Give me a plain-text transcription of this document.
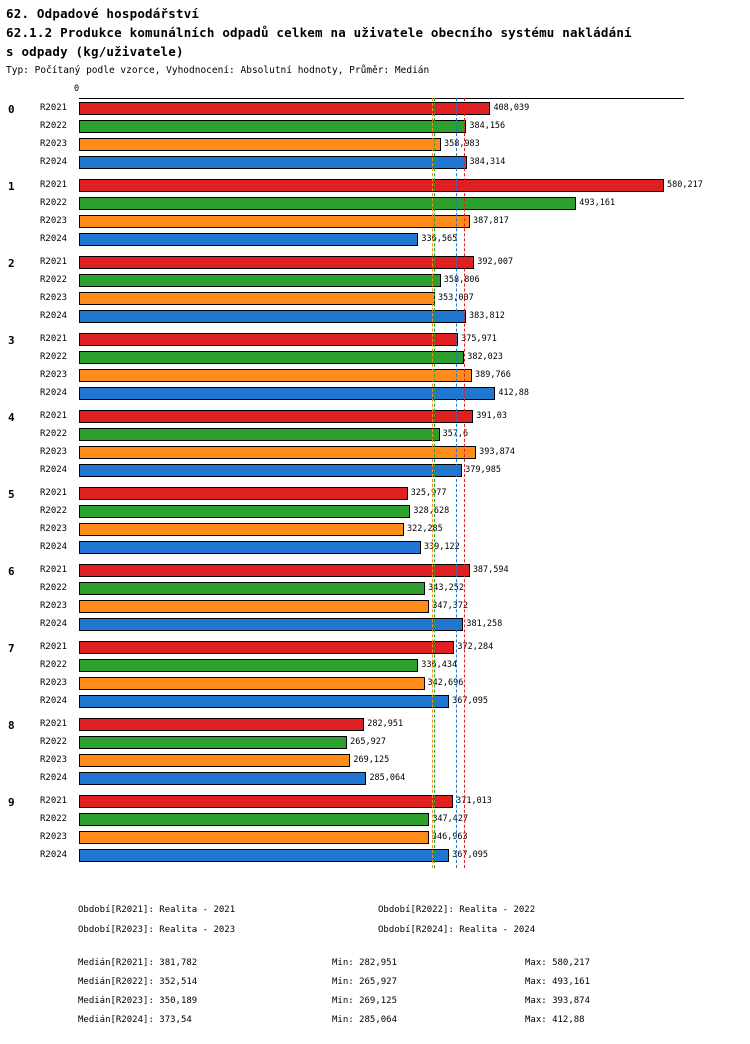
62. Odpadové hospodářství
62.1.2 Produkce komunálních odpadů celkem na uživatele obecního systému nakládání
s odpady (kg/uživatele)
Typ: Počítaný podle vzorce, Vyhodnocení: Absolutní hodnoty, Průměr: Medián
0
0	R2021	408,039
R2022	384,156
R2023	358,983
R2024	384,314
1	R2021	580,217
R2022	493,161
R2023	387,817
R2024	336,565
2	R2021	392,007
R2022	358,806
R2023	353,007
R2024	383,812
3	R2021	375,971
R2022	382,023
R2023	389,766
R2024	412,88
4	R2021	391,03
R2022	357,6
R2023	393,874
R2024	379,985
5	R2021	325,977
R2022	328,628
R2023	322,285
R2024	339,122
6	R2021	387,594
R2022	343,252
R2023	347,372
R2024	381,258
7	R2021	372,284
R2022	336,434
R2023	342,696
R2024	367,095
8	R2021	282,951
R2022	265,927
R2023	269,125
R2024	285,064
9	R2021	371,013
R2022	347,427
R2023	346,963
R2024	367,095
Období[R2021]: Realita - 2021	Období[R2022]: Realita - 2022
Období[R2023]: Realita - 2023	Období[R2024]: Realita - 2024
Medián[R2021]: 381,782	Min: 282,951	Max: 580,217
Medián[R2022]: 352,514	Min: 265,927	Max: 493,161
Medián[R2023]: 350,189	Min: 269,125	Max: 393,874
Medián[R2024]: 373,54	Min: 285,064	Max: 412,88
